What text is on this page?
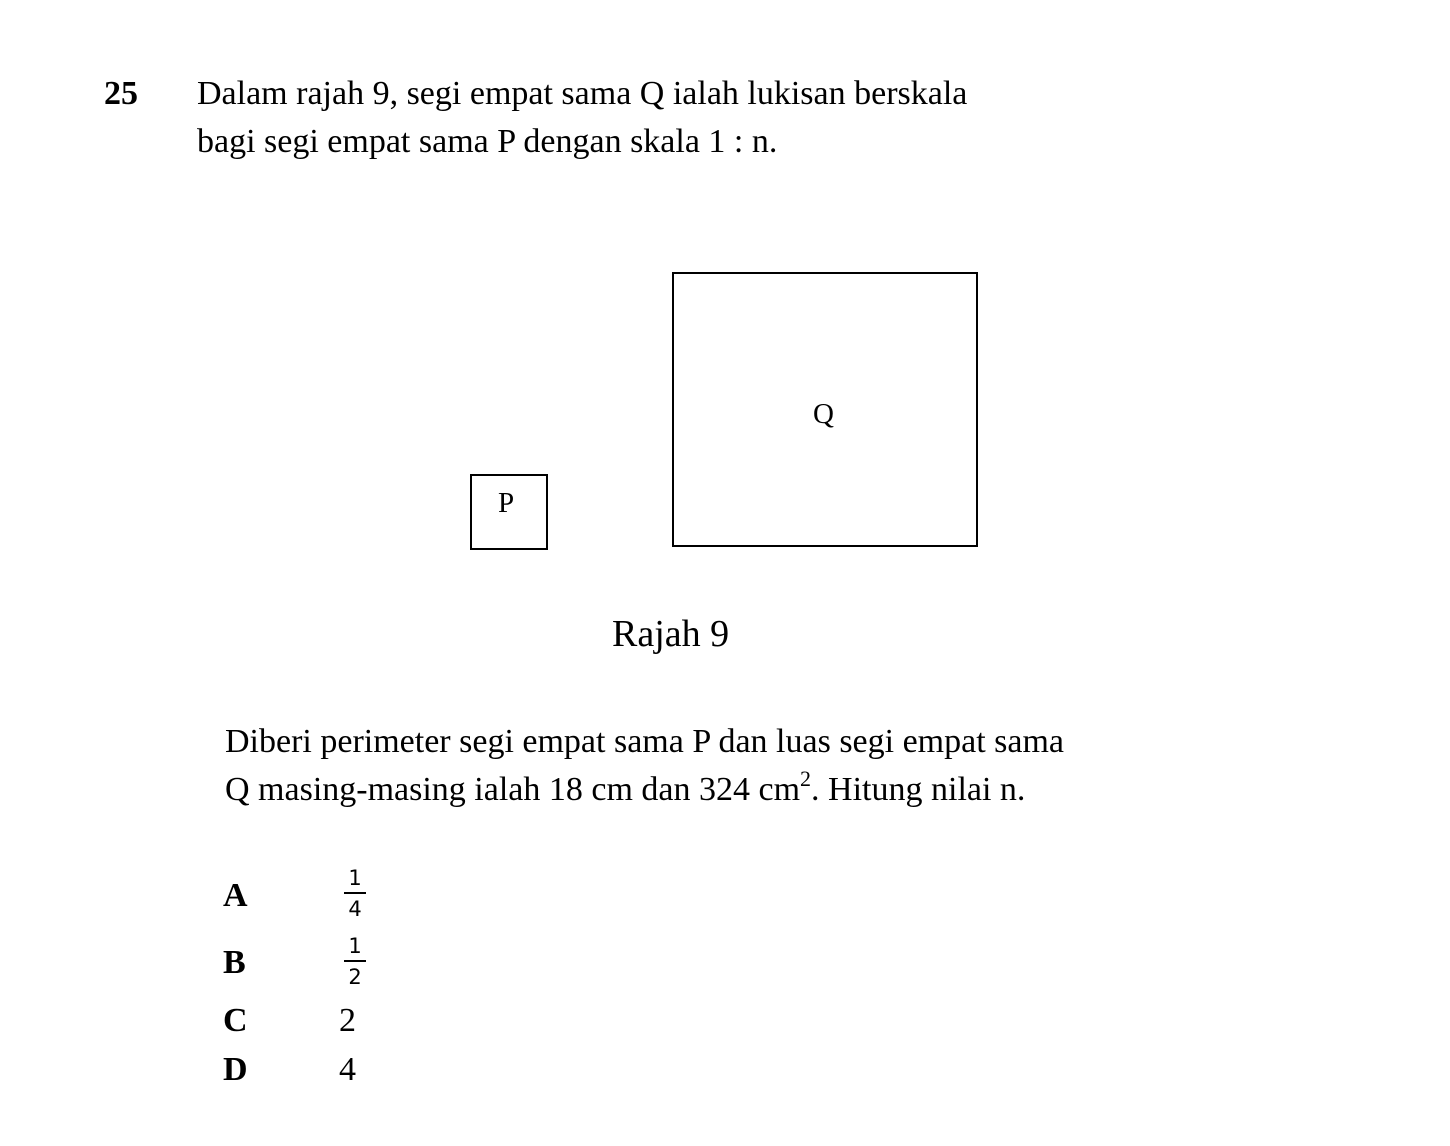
25 Dalam rajah 9, segi empat sama Q ialah lukisan berskala
bagi segi empat sama P dengan skala 1 : n.
Q
P
Rajah 9
Diberi perimeter segi empat sama P dan luas segi empat sama
Q masing-masing ialah 18 cm dan 324 $cm^2$. Hitung nilai n.
A	1
4
B	1
2
C	2
D	4
